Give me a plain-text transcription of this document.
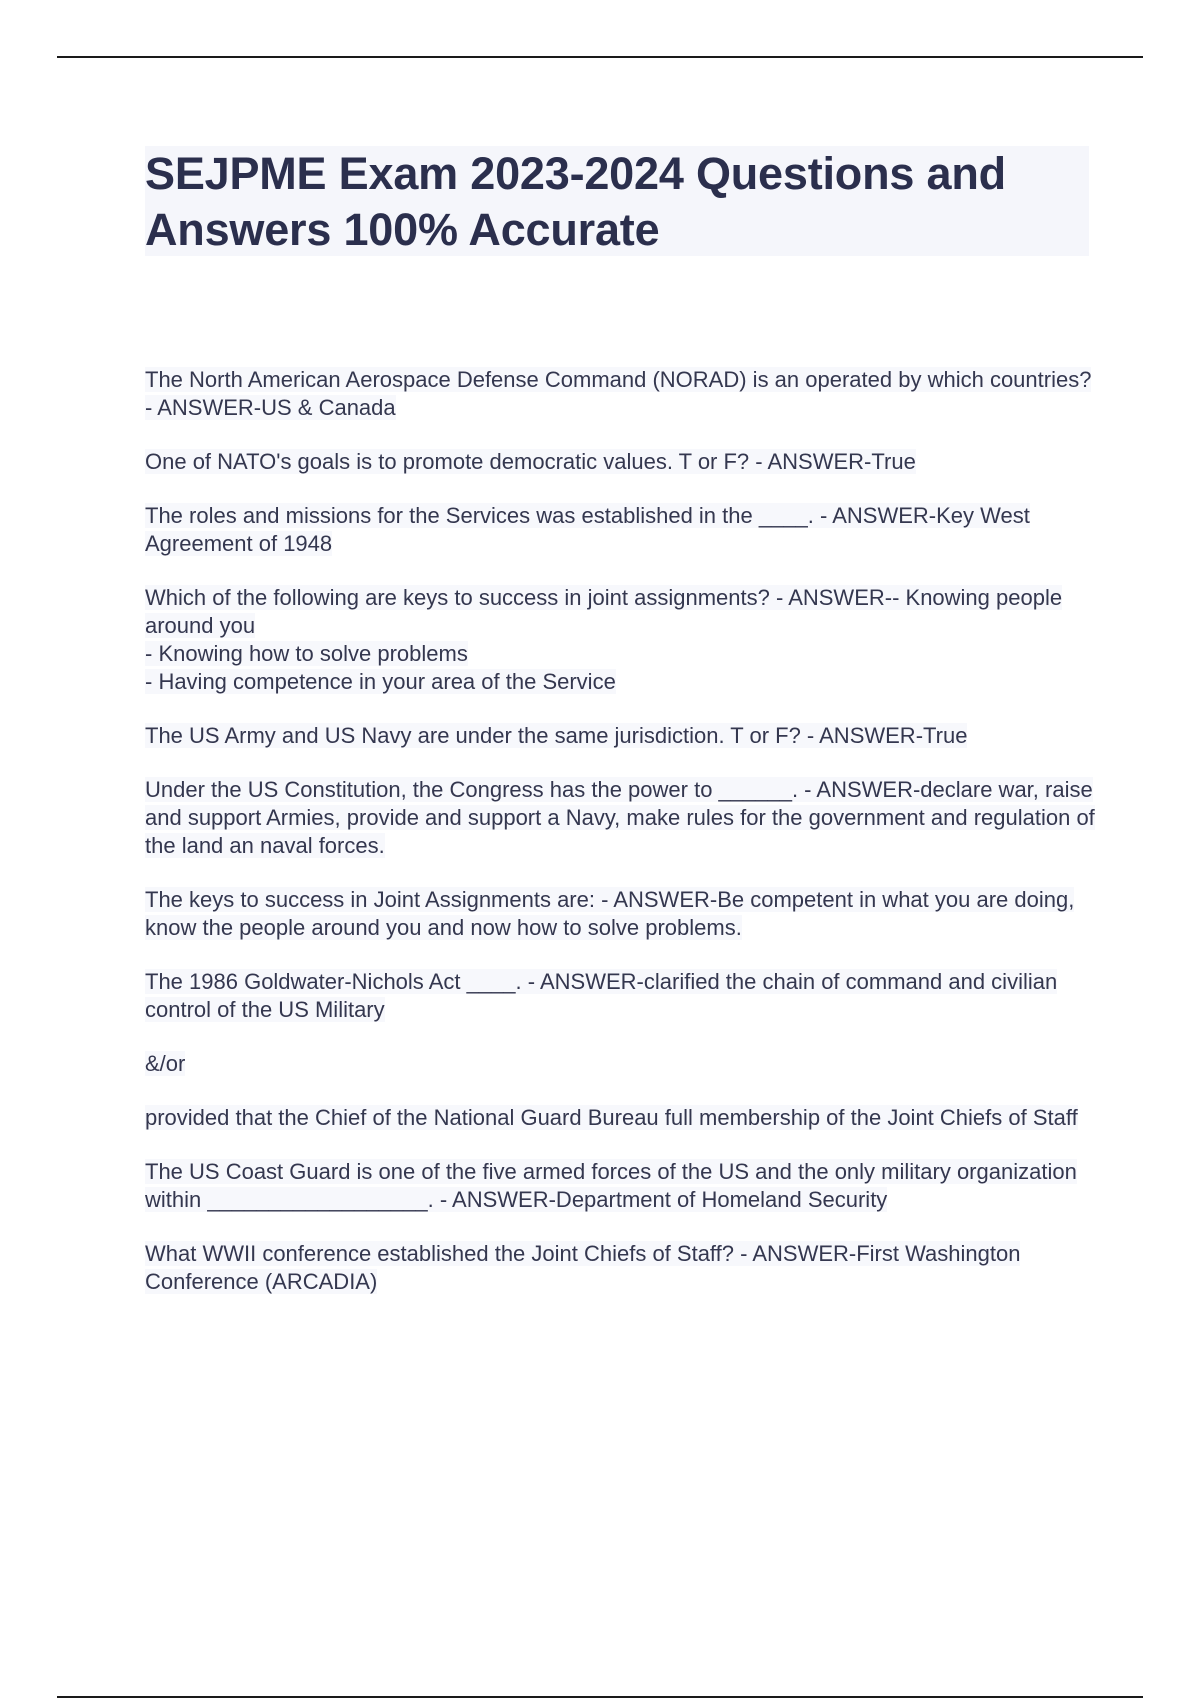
SEJPME Exam 2023-2024 Questions and Answers 100% Accurate

The North American Aerospace Defense Command (NORAD) is an operated by which countries? - ANSWER-US & Canada

One of NATO's goals is to promote democratic values. T or F? - ANSWER-True

The roles and missions for the Services was established in the ____. - ANSWER-Key West Agreement of 1948

Which of the following are keys to success in joint assignments? - ANSWER-- Knowing people around you
- Knowing how to solve problems
- Having competence in your area of the Service

The US Army and US Navy are under the same jurisdiction. T or F? - ANSWER-True

Under the US Constitution, the Congress has the power to ______. - ANSWER-declare war, raise and support Armies, provide and support a Navy, make rules for the government and regulation of the land an naval forces.

The keys to success in Joint Assignments are: - ANSWER-Be competent in what you are doing, know the people around you and now how to solve problems.

The 1986 Goldwater-Nichols Act ____. - ANSWER-clarified the chain of command and civilian control of the US Military

&/or

provided that the Chief of the National Guard Bureau full membership of the Joint Chiefs of Staff

The US Coast Guard is one of the five armed forces of the US and the only military organization within __________________. - ANSWER-Department of Homeland Security

What WWII conference established the Joint Chiefs of Staff? - ANSWER-First Washington Conference (ARCADIA)
